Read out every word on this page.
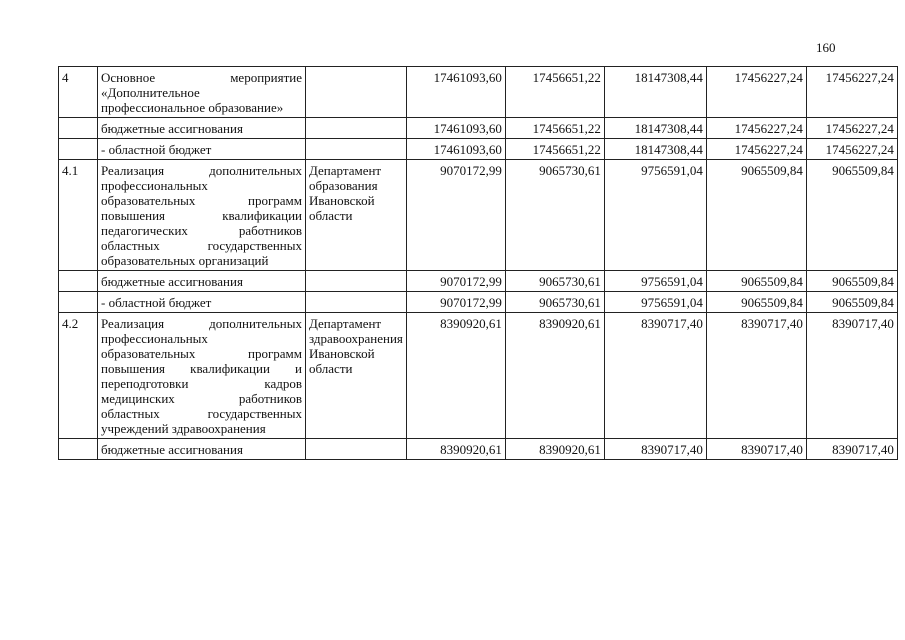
160
4	Основное мероприятие «Дополнительное профессиональное образование»		17461093,60	17456651,22	18147308,44	17456227,24	17456227,24
	бюджетные ассигнования		17461093,60	17456651,22	18147308,44	17456227,24	17456227,24
	- областной бюджет		17461093,60	17456651,22	18147308,44	17456227,24	17456227,24
4.1	Реализация дополнительных профессиональных образовательных программ повышения квалификации педагогических работников областных государственных образовательных организаций	Департамент образования Ивановской области	9070172,99	9065730,61	9756591,04	9065509,84	9065509,84
	бюджетные ассигнования		9070172,99	9065730,61	9756591,04	9065509,84	9065509,84
	- областной бюджет		9070172,99	9065730,61	9756591,04	9065509,84	9065509,84
4.2	Реализация дополнительных профессиональных образовательных программ повышения квалификации и переподготовки кадров медицинских работников областных государственных учреждений здравоохранения	Департамент здравоохранения Ивановской области	8390920,61	8390920,61	8390717,40	8390717,40	8390717,40
	бюджетные ассигнования		8390920,61	8390920,61	8390717,40	8390717,40	8390717,40
